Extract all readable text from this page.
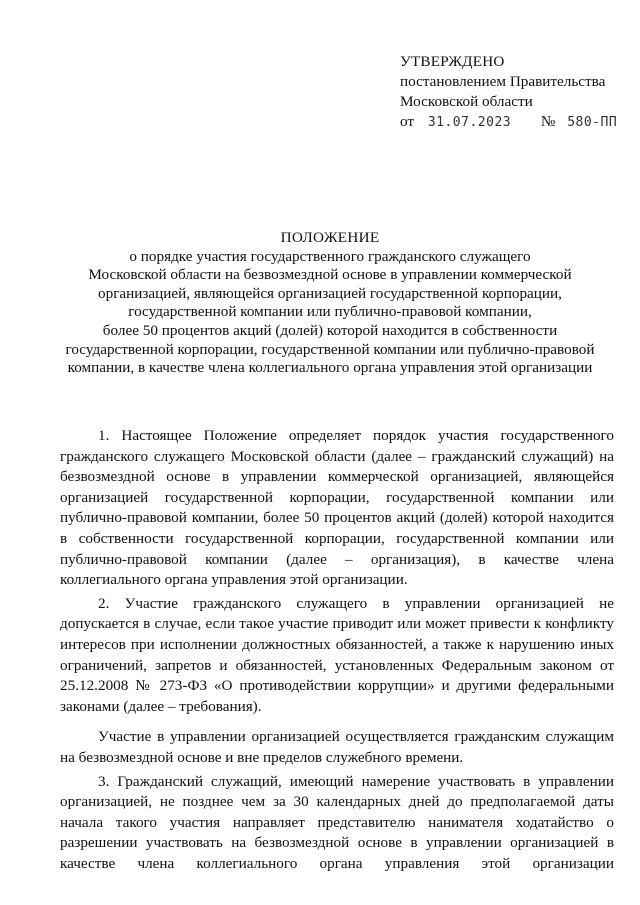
УТВЕРЖДЕНО
постановлением Правительства
Московской области
от 31.07.2023 № 580-ПП
ПОЛОЖЕНИЕ
о порядке участия государственного гражданского служащего
Московской области на безвозмездной основе в управлении коммерческой
организацией, являющейся организацией государственной корпорации,
государственной компании или публично-правовой компании,
более 50 процентов акций (долей) которой находится в собственности
государственной корпорации, государственной компании или публично-правовой
компании, в качестве члена коллегиального органа управления этой организации

1. Настоящее Положение определяет порядок участия государственного гражданского служащего Московской области (далее – гражданский служащий) на безвозмездной основе в управлении коммерческой организацией, являющейся организацией государственной корпорации, государственной компании или публично-правовой компании, более 50 процентов акций (долей) которой находится в собственности государственной корпорации, государственной компании или публично-правовой компании (далее – организация), в качестве члена коллегиального органа управления этой организации.

2. Участие гражданского служащего в управлении организацией не допускается в случае, если такое участие приводит или может привести к конфликту интересов при исполнении должностных обязанностей, а также к нарушению иных ограничений, запретов и обязанностей, установленных Федеральным законом от 25.12.2008 № 273-ФЗ «О противодействии коррупции» и другими федеральными законами (далее – требования).

Участие в управлении организацией осуществляется гражданским служащим на безвозмездной основе и вне пределов служебного времени.

3. Гражданский служащий, имеющий намерение участвовать в управлении организацией, не позднее чем за 30 календарных дней до предполагаемой даты начала такого участия направляет представителю нанимателя ходатайство о разрешении участвовать на безвозмездной основе в управлении организацией в качестве члена коллегиального органа управления этой организации
